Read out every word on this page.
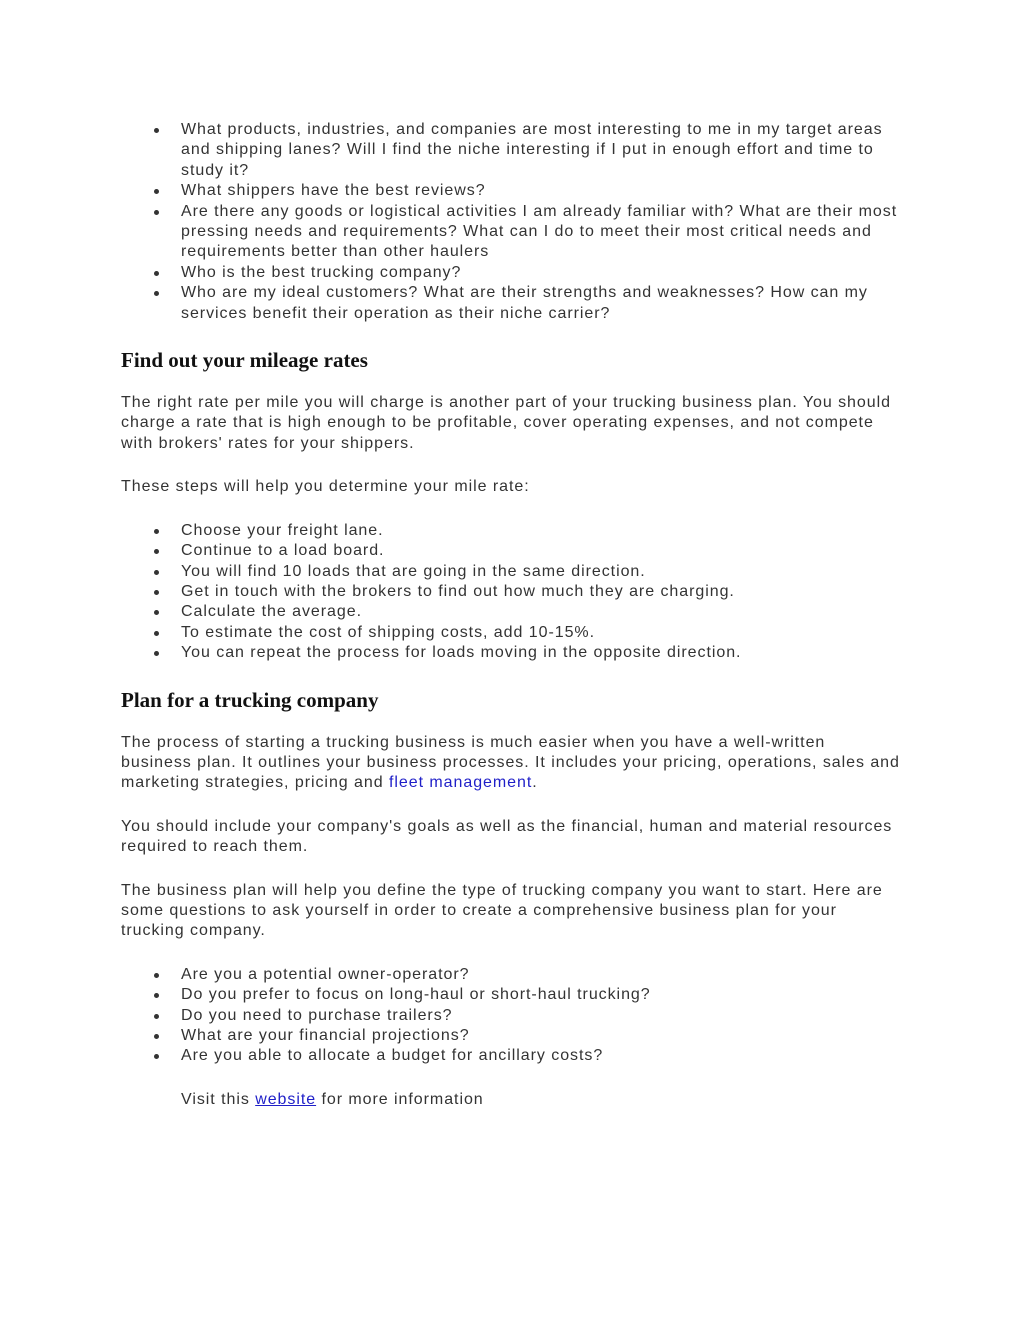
What products, industries, and companies are most interesting to me in my target areas and shipping lanes? Will I find the niche interesting if I put in enough effort and time to study it?
What shippers have the best reviews?
Are there any goods or logistical activities I am already familiar with? What are their most pressing needs and requirements? What can I do to meet their most critical needs and requirements better than other haulers
Who is the best trucking company?
Who are my ideal customers? What are their strengths and weaknesses? How can my services benefit their operation as their niche carrier?
Find out your mileage rates

The right rate per mile you will charge is another part of your trucking business plan. You should charge a rate that is high enough to be profitable, cover operating expenses, and not compete with brokers' rates for your shippers.

These steps will help you determine your mile rate:

Choose your freight lane.
Continue to a load board.
You will find 10 loads that are going in the same direction.
Get in touch with the brokers to find out how much they are charging.
Calculate the average.
To estimate the cost of shipping costs, add 10-15%.
You can repeat the process for loads moving in the opposite direction.
Plan for a trucking company

The process of starting a trucking business is much easier when you have a well-written business plan. It outlines your business processes. It includes your pricing, operations, sales and marketing strategies, pricing and fleet management.

You should include your company's goals as well as the financial, human and material resources required to reach them.

The business plan will help you define the type of trucking company you want to start. Here are some questions to ask yourself in order to create a comprehensive business plan for your trucking company.

Are you a potential owner-operator?
Do you prefer to focus on long-haul or short-haul trucking?
Do you need to purchase trailers?
What are your financial projections?
Are you able to allocate a budget for ancillary costs?

Visit this website for more information
